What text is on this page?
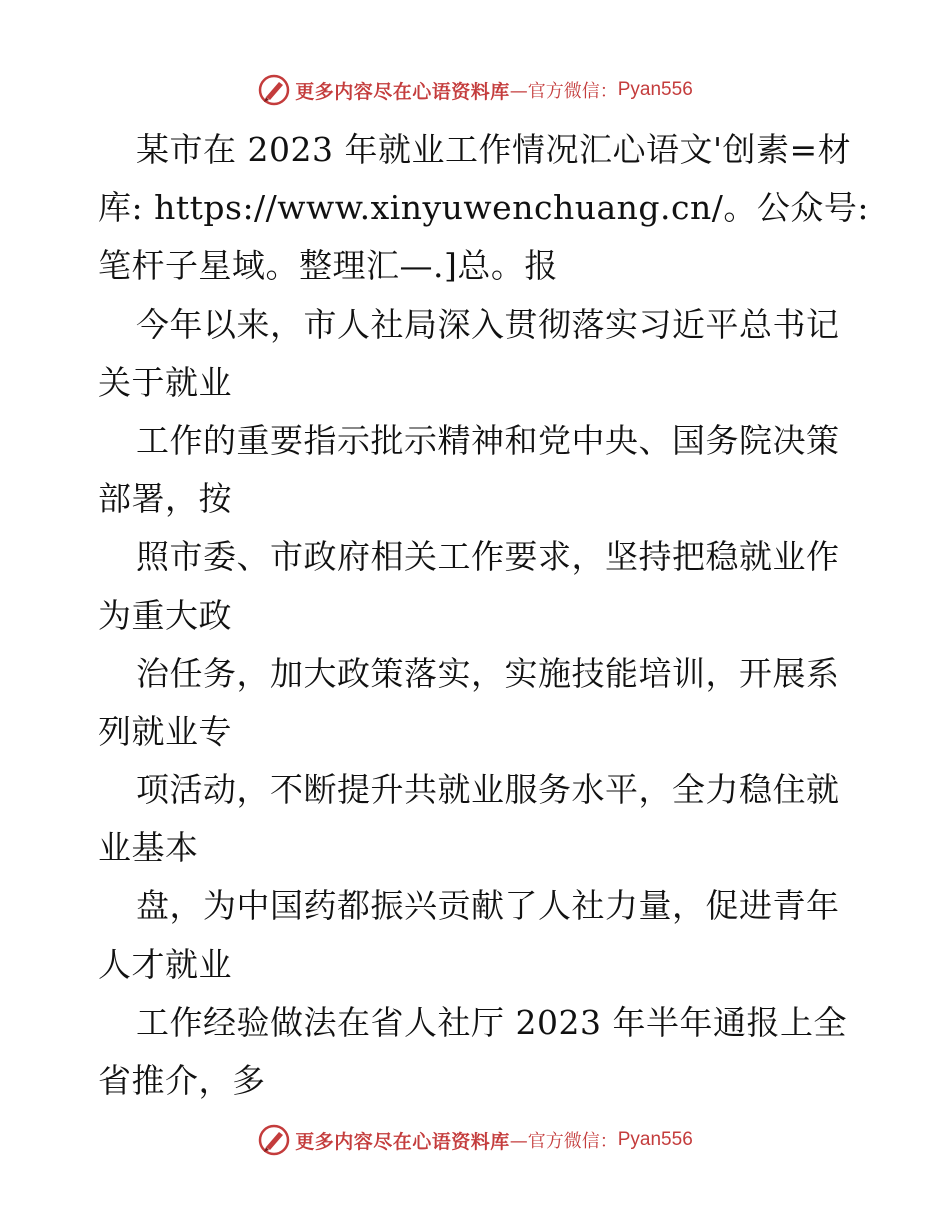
更多内容尽在心语资料库 —官方微信： Pyan556
某市在 2023 年就业工作情况汇心语文'创素=材
库: https://www.xinyuwenchuang.cn/。公众号:
笔杆子星域。整理汇—.]总。报
今年以来，市人社局深入贯彻落实习近平总书记
关于就业
工作的重要指示批示精神和党中央、国务院决策
部署，按
照市委、市政府相关工作要求，坚持把稳就业作
为重大政
治任务，加大政策落实，实施技能培训，开展系
列就业专
项活动，不断提升共就业服务水平，全力稳住就
业基本
盘，为中国药都振兴贡献了人社力量，促进青年
人才就业
工作经验做法在省人社厅 2023 年半年通报上全
省推介，多
更多内容尽在心语资料库 —官方微信： Pyan556
